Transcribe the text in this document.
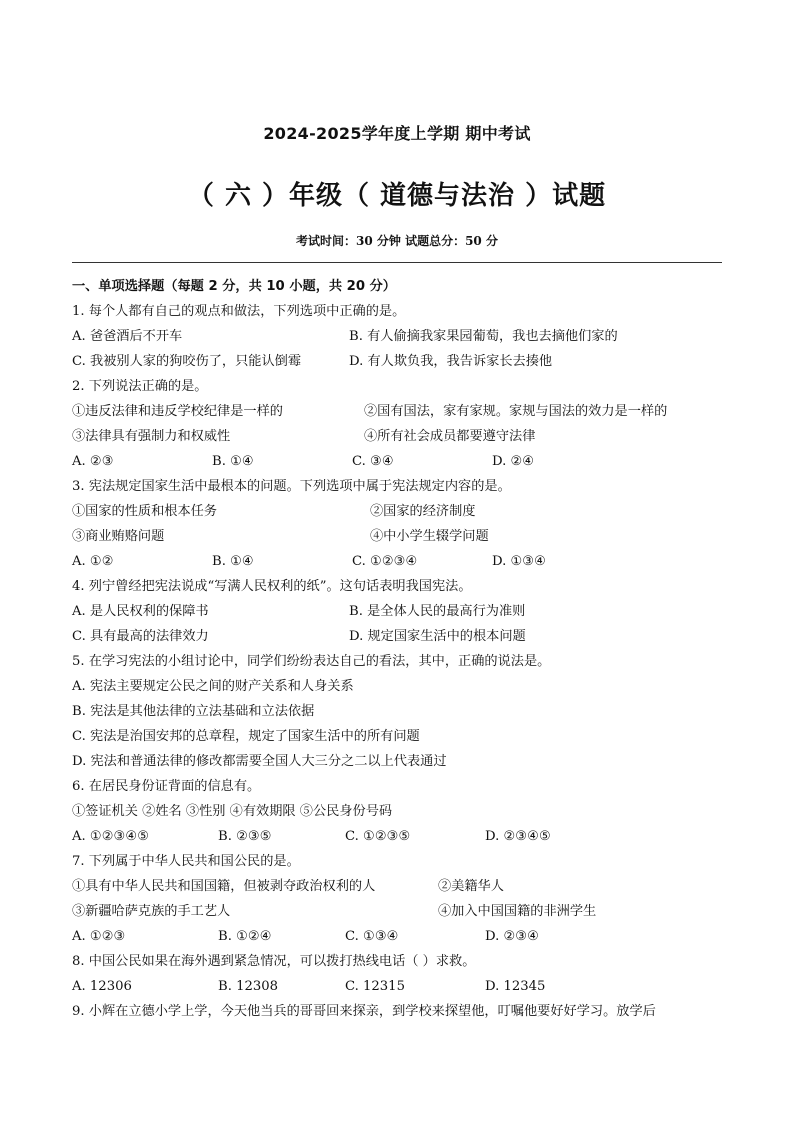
2024-2025学年度上学期 期中考试
（ 六 ）年级（ 道德与法治 ）试题
考试时间：30 分钟 试题总分：50 分
一、单项选择题（每题 2 分，共 10 小题，共 20 分）
1. 每个人都有自己的观点和做法，下列选项中正确的是。
A. 爸爸酒后不开车	B. 有人偷摘我家果园葡萄，我也去摘他们家的
C. 我被别人家的狗咬伤了，只能认倒霉	D. 有人欺负我，我告诉家长去揍他
2. 下列说法正确的是。
①违反法律和违反学校纪律是一样的	②国有国法，家有家规。家规与国法的效力是一样的
③法律具有强制力和权威性	④所有社会成员都要遵守法律
A. ②③	B. ①④	C. ③④	D. ②④
3. 宪法规定国家生活中最根本的问题。下列选项中属于宪法规定内容的是。
①国家的性质和根本任务	②国家的经济制度
③商业贿赂问题	④中小学生辍学问题
A. ①②	B. ①④	C. ①②③④	D. ①③④
4. 列宁曾经把宪法说成“写满人民权利的纸”。这句话表明我国宪法。
A. 是人民权利的保障书	B. 是全体人民的最高行为准则
C. 具有最高的法律效力	D. 规定国家生活中的根本问题
5. 在学习宪法的小组讨论中，同学们纷纷表达自己的看法，其中，正确的说法是。
A. 宪法主要规定公民之间的财产关系和人身关系
B. 宪法是其他法律的立法基础和立法依据
C. 宪法是治国安邦的总章程，规定了国家生活中的所有问题
D. 宪法和普通法律的修改都需要全国人大三分之二以上代表通过
6. 在居民身份证背面的信息有。
①签证机关 ②姓名 ③性别 ④有效期限 ⑤公民身份号码
A. ①②③④⑤	B. ②③⑤	C. ①②③⑤	D. ②③④⑤
7. 下列属于中华人民共和国公民的是。
①具有中华人民共和国国籍，但被剥夺政治权利的人	②美籍华人
③新疆哈萨克族的手工艺人	④加入中国国籍的非洲学生
A. ①②③	B. ①②④	C. ①③④	D. ②③④
8. 中国公民如果在海外遇到紧急情况，可以拨打热线电话（ ）求救。
A. 12306	B. 12308	C. 12315	D. 12345
9. 小辉在立德小学上学，今天他当兵的哥哥回来探亲，到学校来探望他，叮嘱他要好好学习。放学后
